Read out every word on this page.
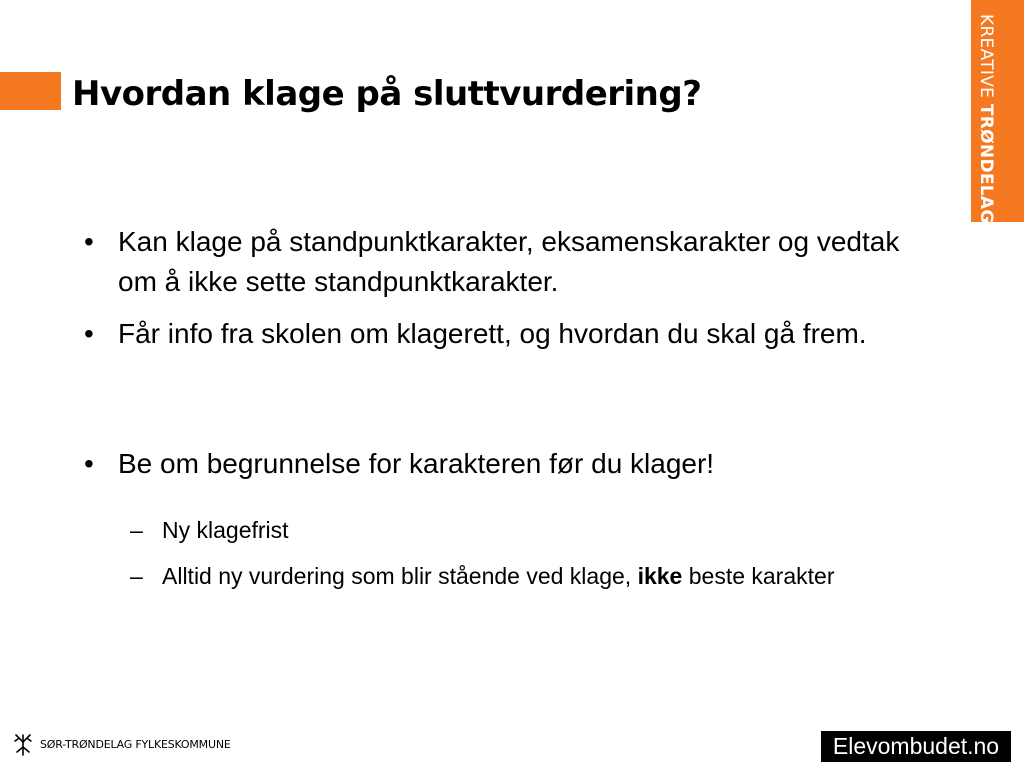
Hvordan klage på sluttvurdering?	KREATIVE TRØNDELAG

• Kan klage på standpunktkarakter, eksamenskarakter og vedtak om å ikke sette standpunktkarakter.

• Får info fra skolen om klagerett, og hvordan du skal gå frem.

• Be om begrunnelse for karakteren før du klager!

– Ny klagefrist

– Alltid ny vurdering som blir stående ved klage, ikke beste karakter

SØR-TRØNDELAG FYLKESKOMMUNE	Elevombudet.no
